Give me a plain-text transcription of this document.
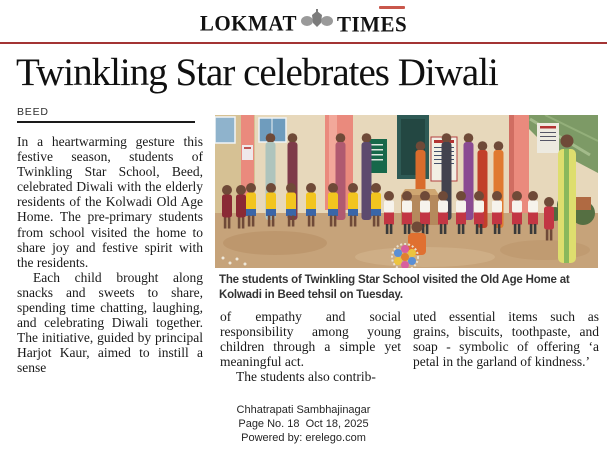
LOKMAT TIMES
Twinkling Star celebrates Diwali
BEED

In a heartwarming gesture this festive season, students of Twinkling Star School, Beed, celebrated Diwali with the elderly residents of the Kolwadi Old Age Home. The pre-primary students from school visited the home to share joy and festive spirit with the residents.

Each child brought along snacks and sweets to share, spending time chatting, laughing, and celebrating Diwali together. The initiative, guided by principal Harjot Kaur, aimed to instill a sense

The students of Twinkling Star School visited the Old Age Home at Kolwadi in Beed tehsil on Tuesday.

of empathy and social responsibility among young children through a simple yet meaningful act.

The students also contrib-

uted essential items such as grains, biscuits, toothpaste, and soap - symbolic of offering ‘a petal in the garland of kindness.’

Chhatrapati Sambhajinagar
Page No. 18  Oct 18, 2025
Powered by: erelego.com
